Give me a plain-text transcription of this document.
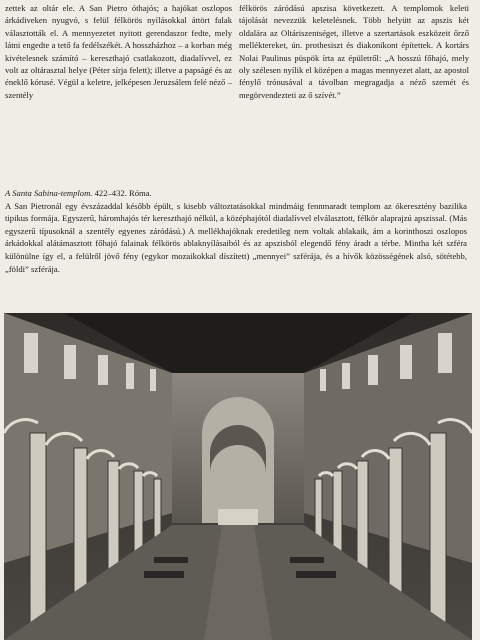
zettek az oltár ele. A San Pietro óthajós; a hajókat oszlopos árkádiveken nyugvó, s felül félkörös nyílásokkal áttört falak választották el. A mennyezetet nyitott gerendaszor fedte, mely látni engedte a tető fa fedélszékét. A hosszházhoz – a korban még kivételesnek számító – kereszthajó csatlakozott, diadalívvel, ez volt az oltárasztal helye (Péter sírja felett); illetve a papságé és az éneklő kórusé. Végül a keletre, jelképesen Jeruzsálem felé néző – szentély

félkörös záródású apszisa következett. A templomok keleti tájolását nevezzük keletelésnek. Több helyütt az apszis két oldalára az Oltáriszentséget, illetve a szertartások eszközeit őrző melléktereket, ún. prothesiszt és diakonikont építettek. A kortárs Nolai Paulinus püspök írta az épületről: „A hosszú főhajó, mely oly szélesen nyílik el középen a magas mennyezet alatt, az apostol fénylő trónusával a távolban megragadja a néző szemét és megörvendezteti az ő szívét.”

A Santa Sabina-templom. 422–432. Róma.

A San Pietronál egy évszázaddal később épült, s kisebb változtatásokkal mindmáig fennmaradt templom az ókeresztény bazilika tipikus formája. Egyszerű, háromhajós tér kereszthajó nélkül, a középhajótól diadalívvel elválasztott, félkör alaprajzú apszissal. (Más egyszerű típusoknál a szentély egyenes záródású.) A mellékhajóknak eredetileg nem voltak ablakaik, ám a korinthoszi oszlopos árkádokkal alátámasztott főhajó falainak félkörös ablaknyílásaiból és az apszisból elegendő fény áradt a térbe. Mintha két szféra különülne így el, a felülről jövő fény (egykor mozaikokkal díszített) „mennyei” szférája, és a hívők közösségének alsó, sötétebb, „földi” szférája.
